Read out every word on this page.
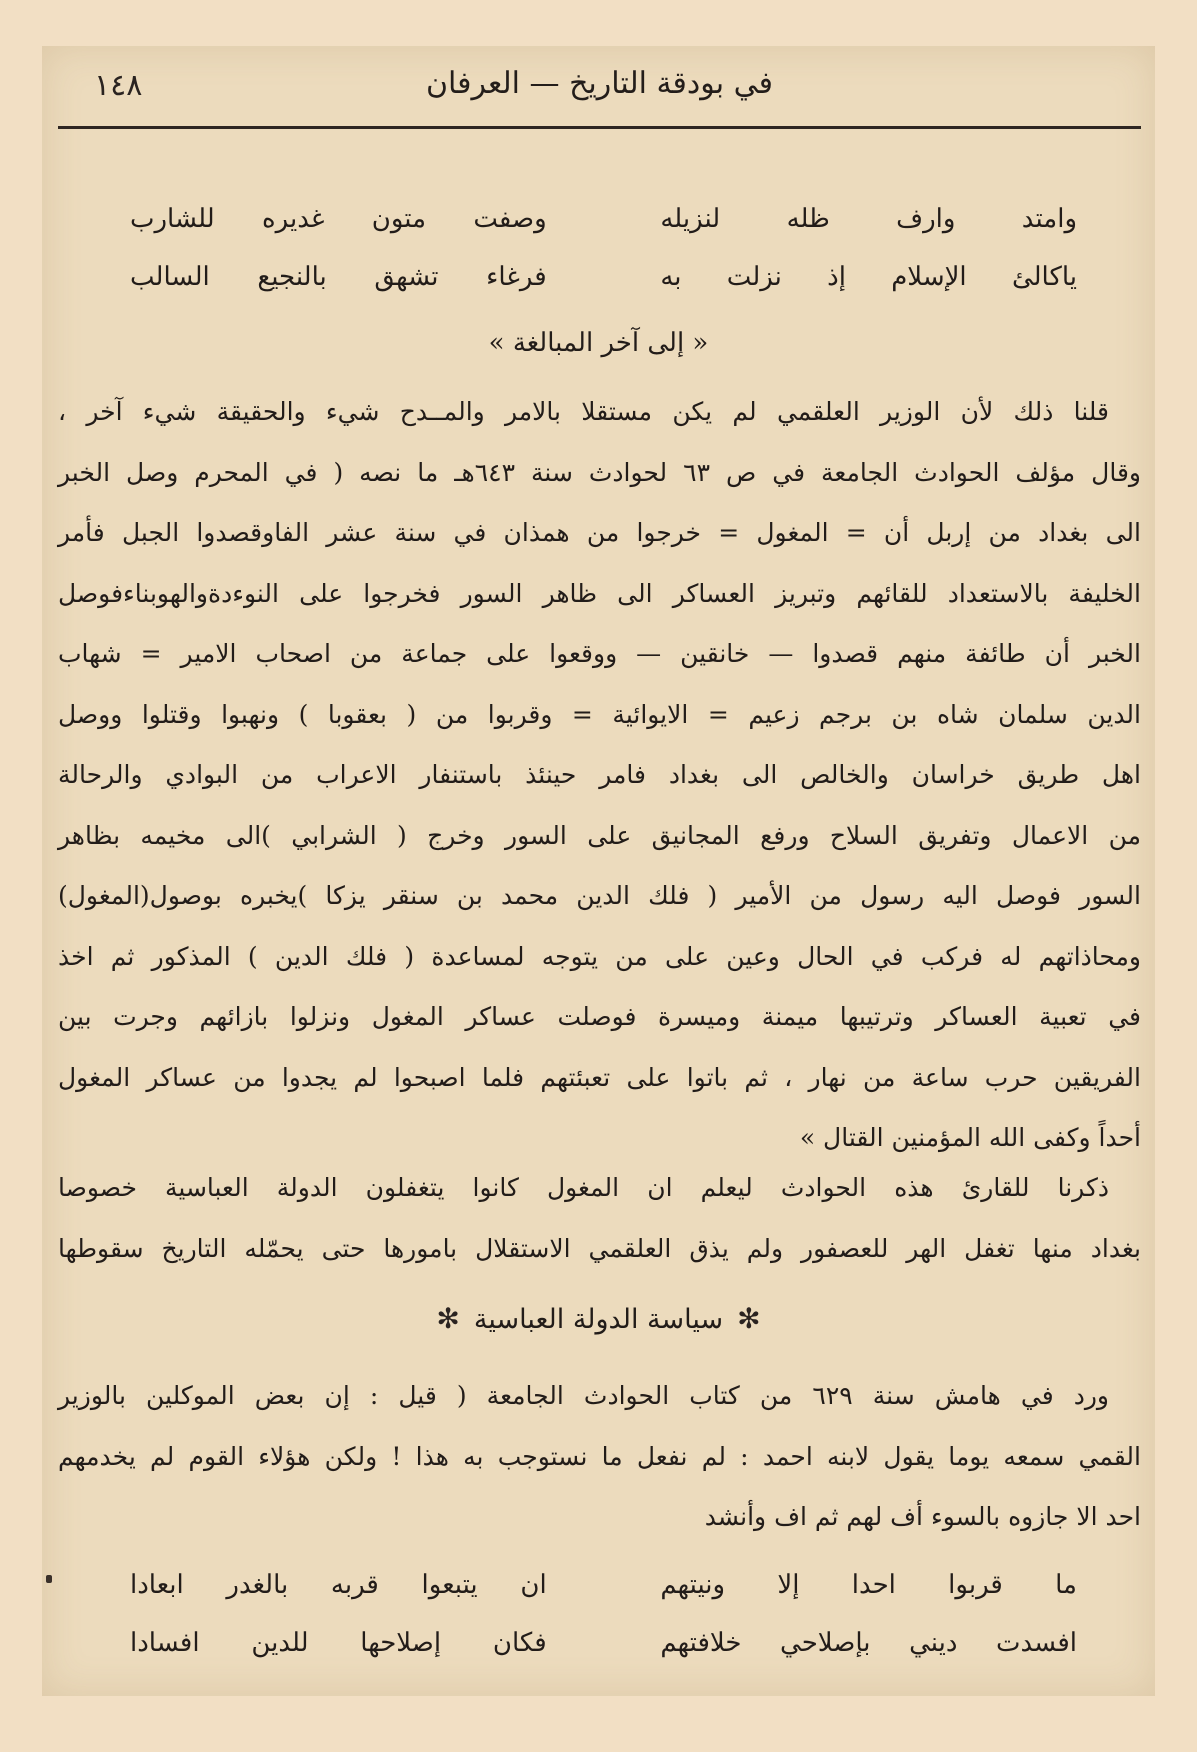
١٤٨	في بودقة التاريخ — العرفان
وامتد وارف ظله لنزيله
وصفت متون غديره للشارب
ياكالئ الإسلام إذ نزلت به
فرغاء تشهق بالنجيع السالب
« إلى آخر المبالغة »
قلنا ذلك لأن الوزير العلقمي لم يكن مستقلا بالامر والمــدح شيء والحقيقة شيء آخر ،
وقال مؤلف الحوادث الجامعة في ص ٦٣ لحوادث سنة ٦٤٣هـ ما نصه ( في المحرم وصل الخبر
الى بغداد من إربل أن = المغول = خرجوا من همذان في سنة عشر الفاوقصدوا الجبل فأمر
الخليفة بالاستعداد للقائهم وتبريز العساكر الى ظاهر السور فخرجوا على النوءدةوالهوبناءفوصل
الخبر أن طائفة منهم قصدوا — خانقين — ووقعوا على جماعة من اصحاب الامير = شهاب
الدين سلمان شاه بن برجم زعيم = الايوائية = وقربوا من ( بعقوبا ) ونهبوا وقتلوا ووصل
اهل طريق خراسان والخالص الى بغداد فامر حينئذ باستنفار الاعراب من البوادي والرحالة
من الاعمال وتفريق السلاح ورفع المجانيق على السور وخرج ( الشرابي )الى مخيمه بظاهر
السور فوصل اليه رسول من الأمير ( فلك الدين محمد بن سنقر يزكا )يخبره بوصول(المغول)
ومحاذاتهم له فركب في الحال وعين على من يتوجه لمساعدة ( فلك الدين ) المذكور ثم اخذ
في تعبية العساكر وترتيبها ميمنة وميسرة فوصلت عساكر المغول ونزلوا بازائهم وجرت بين
الفريقين حرب ساعة من نهار ، ثم باتوا على تعبئتهم فلما اصبحوا لم يجدوا من عساكر المغول
أحداً وكفى الله المؤمنين القتال »
ذكرنا للقارئ هذه الحوادث ليعلم ان المغول كانوا يتغفلون الدولة العباسية خصوصا
بغداد منها تغفل الهر للعصفور ولم يذق العلقمي الاستقلال بامورها حتى يحمّله التاريخ سقوطها
✻سياسة الدولة العباسية✻
ورد في هامش سنة ٦٢٩ من كتاب الحوادث الجامعة ( قيل : إن بعض الموكلين بالوزير
القمي سمعه يوما يقول لابنه احمد : لم نفعل ما نستوجب به هذا ! ولكن هؤلاء القوم لم يخدمهم
احد الا جازوه بالسوء أف لهم ثم اف وأنشد
ما قربوا احدا إلا ونيتهم
ان يتبعوا قربه بالغدر ابعادا
افسدت ديني بإصلاحي خلافتهم
فكان إصلاحها للدين افسادا
